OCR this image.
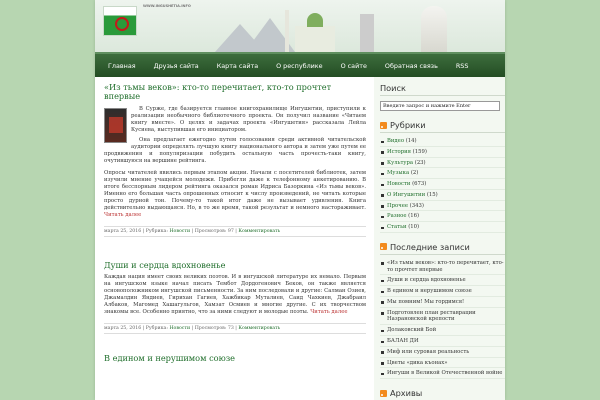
WWW.INGUSHETIA.INFO
Главная	Друзья сайта	Карта сайта	О республике	О сайте	Обратная связь	RSS
«Из тьмы веков»: кто-то перечитает, кто-то прочтет впервые

В Сурже, где базируется главное книгохранилище Ингушетии, приступили к реализации необычного библиотечного проекта. Он получил название «Читаем книгу вместе». О целях и задачах проекта «Ингушетия» рассказала Лейла Кусиева, выступившая его инициатором.

Она предлагает ежегодно путем голосования среди активной читательской аудитории определять лучшую книгу национального автора и затем уже путем ее продвижения и популяризации побудить остальную часть прочесть-таки книгу, очутившуюся на вершине рейтинга.

Опросы читателей явились первым этапом акции. Начали с посетителей библиотек, затем изучили мнение учащейся молодежи. Прибегли даже к телефонному анкетированию. В итоге бесспорным лидером рейтинга оказался роман Идриса Базоркина «Из тьмы веков». Именно его большая часть опрошенных относит к числу произведений, не читать которые просто дурной тон. Почему-то такой итог даже не вызывает удивления. Книга действительно выдающаяся. Но, в то же время, такой результат и немного настораживает. Читать далее

марта 25, 2016 | Рубрика: Новости | Просмотров: 97 | Комментировать
Души и сердца вдохновенье

Каждая нация имеет своих великих поэтов. И в ингушской литературе их немало. Первым на ингушском языке начал писать Тембот Дордогенович Беков, он также является основоположником ингушской письменности. За ним последовали и другие: Салман Озиев, Джамалдин Яндиев, Гирихан Гагиев, Хажбикар Муталиев, Саид Чахкиев, Джабраил Албаков, Магомед Хашагульгов, Хамзат Осмиев и многие другие. С их творчеством знакомы все. Особенно приятно, что за ними следуют и молодые поэты. Читать далее

марта 25, 2016 | Рубрика: Новости | Просмотров: 73 | Комментировать
В едином и нерушимом союзе
Поиск
Введите запрос и нажмите Enter
Рубрики
Видео (14)
История (159)
Культура (23)
Музыка (2)
Новости (673)
О Ингушетии (15)
Прочее (343)
Разное (16)
Статьи (10)
Последние записи
«Из тьмы веков»: кто-то перечитает, кто-то прочтет впервые
Души и сердца вдохновенье
В едином и нерушимом союзе
Мы помним! Мы гордимся!
Подготовлен план реставрации Назрановской крепости
Долаковский Бой
БАЛАН ДИ
Миф или суровая реальность
Цветы «дика къонах»
Ингуши в Великой Отечественной войне
Архивы
